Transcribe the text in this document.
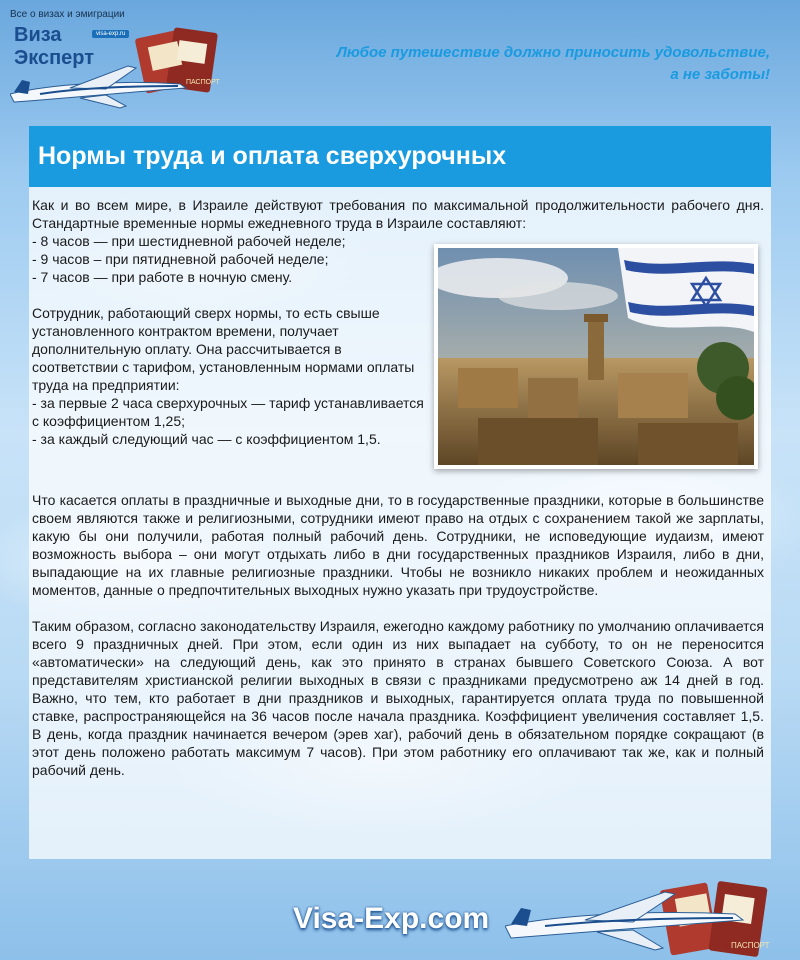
Все о визах и эмиграции
Виза
Эксперт
visa-exp.ru
ПАСПОРТ
Любое путешествие должно приносить удовольствие,
а не заботы!
Нормы труда и оплата сверхурочных

Как и во всем мире, в Израиле действуют требования по максимальной продолжительности рабочего дня. Стандартные временные нормы ежедневного труда в Израиле составляют:

- 8 часов — при шестидневной рабочей неделе;

- 9 часов – при пятидневной рабочей неделе;

- 7 часов — при работе в ночную смену.

Сотрудник, работающий сверх нормы, то есть свыше установленного контрактом времени, получает дополнительную оплату. Она рассчитывается в соответствии с тарифом, установленным нормами оплаты труда на предприятии:

- за первые 2 часа сверхурочных — тариф устанавливается с коэффициентом 1,25;

- за каждый следующий час — с коэффициентом 1,5.

Что касается оплаты в праздничные и выходные дни, то в государственные праздники, которые в большинстве своем являются также и религиозными, сотрудники имеют право на отдых с сохранением такой же зарплаты, какую бы они получили, работая полный рабочий день. Сотрудники, не исповедующие иудаизм, имеют возможность выбора – они могут отдыхать либо в дни государственных праздников Израиля, либо в дни, выпадающие на их главные религиозные праздники. Чтобы не возникло никаких проблем и неожиданных моментов, данные о предпочтительных выходных нужно указать при трудоустройстве.

Таким образом, согласно законодательству Израиля, ежегодно каждому работнику по умолчанию оплачивается всего 9 праздничных дней. При этом, если один из них выпадает на субботу, то он не переносится «автоматически» на следующий день, как это принято в странах бывшего Советского Союза. А вот представителям христианской религии выходных в связи с праздниками предусмотрено аж 14 дней в год. Важно, что тем, кто работает в дни праздников и выходных, гарантируется оплата труда по повышенной ставке, распространяющейся на 36 часов после начала праздника. Коэффициент увеличения составляет 1,5. В день, когда праздник начинается вечером (эрев хаг), рабочий день в обязательном порядке сокращают (в этот день положено работать максимум 7 часов). При этом работнику его оплачивают так же, как и полный рабочий день.

Visa-Exp.com
ПАСПОРТ
